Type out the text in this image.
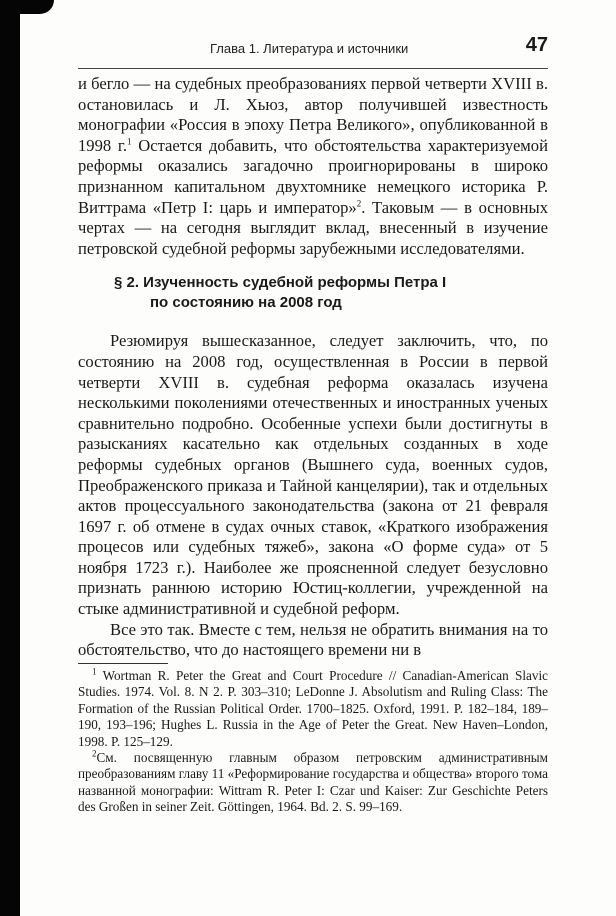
Глава 1. Литература и источники	47

и бегло — на судебных преобразованиях первой четверти XVIII в. остановилась и Л. Хьюз, автор получившей известность монографии «Россия в эпоху Петра Великого», опубликованной в 1998 г.$^1$ Остается добавить, что обстоятельства характеризуемой реформы оказались загадочно проигнорированы в широко признанном капитальном двухтомнике немецкого историка Р. Виттрама «Петр I: царь и император»$^2$. Таковым — в основных чертах — на сегодня выглядит вклад, внесенный в изучение петровской судебной реформы зарубежными исследователями.

§ 2. Изученность судебной реформы Петра I
по состоянию на 2008 год

Резюмируя вышесказанное, следует заключить, что, по состоянию на 2008 год, осуществленная в России в первой четверти XVIII в. судебная реформа оказалась изучена несколькими поколениями отечественных и иностранных ученых сравнительно подробно. Особенные успехи были достигнуты в разысканиях касательно как отдельных созданных в ходе реформы судебных органов (Вышнего суда, военных судов, Преображенского приказа и Тайной канцелярии), так и отдельных актов процессуального законодательства (закона от 21 февраля 1697 г. об отмене в судах очных ставок, «Краткого изображения процесов или судебных тяжеб», закона «О форме суда» от 5 ноября 1723 г.). Наиболее же проясненной следует безусловно признать раннюю историю Юстиц-коллегии, учрежденной на стыке административной и судебной реформ.

Все это так. Вместе с тем, нельзя не обратить внимания на то обстоятельство, что до настоящего времени ни в

$^1$ Wortman R. Peter the Great and Court Procedure // Canadian-American Slavic Studies. 1974. Vol. 8. N 2. P. 303–310; LeDonne J. Absolutism and Ruling Class: The Formation of the Russian Political Order. 1700–1825. Oxford, 1991. P. 182–184, 189–190, 193–196; Hughes L. Russia in the Age of Peter the Great. New Haven–London, 1998. P. 125–129.

$^2$См. посвященную главным образом петровским административным преобразованиям главу 11 «Реформирование государства и общества» второго тома названной монографии: Wittram R. Peter I: Czar und Kaiser: Zur Geschichte Peters des Großen in seiner Zeit. Göttingen, 1964. Bd. 2. S. 99–169.
